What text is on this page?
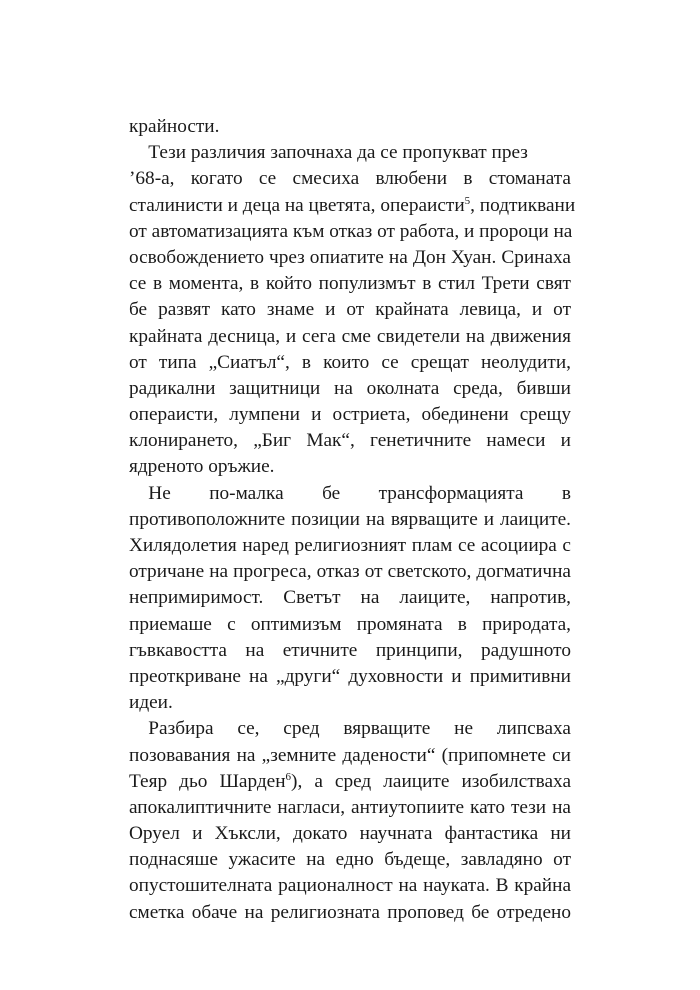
крайности.
Тези различия започнаха да се пропукват през
’68-а, когато се смесиха влюбени в стоманата
сталинисти и деца на цветята, операисти$^5$, подтиквани
от автоматизацията към отказ от работа, и пророци на
освобождението чрез опиатите на Дон Хуан. Сринаха
се в момента, в който популизмът в стил Трети свят
бе развят като знаме и от крайната левица, и от
крайната десница, и сега сме свидетели на движения
от типа „Сиатъл“, в които се срещат неолудити,
радикални защитници на околната среда, бивши
операисти, лумпени и остриета, обединени срещу
клонирането, „Биг Мак“, генетичните намеси и
ядреното оръжие.
Не по-малка бе трансформацията в
противоположните позиции на вярващите и лаиците.
Хилядолетия наред религиозният плам се асоциира с
отричане на прогреса, отказ от светското, догматична
непримиримост. Светът на лаиците, напротив,
приемаше с оптимизъм промяната в природата,
гъвкавостта на етичните принципи, радушното
преоткриване на „други“ духовности и примитивни
идеи.
Разбира се, сред вярващите не липсваха
позовавания на „земните дадености“ (припомнете си
Теяр дьо Шарден$^6$), а сред лаиците изобилстваха
апокалиптичните нагласи, антиутопиите като тези на
Оруел и Хъксли, докато научната фантастика ни
поднасяше ужасите на едно бъдеще, завладяно от
опустошителната рационалност на науката. В крайна
сметка обаче на религиозната проповед бе отредено
